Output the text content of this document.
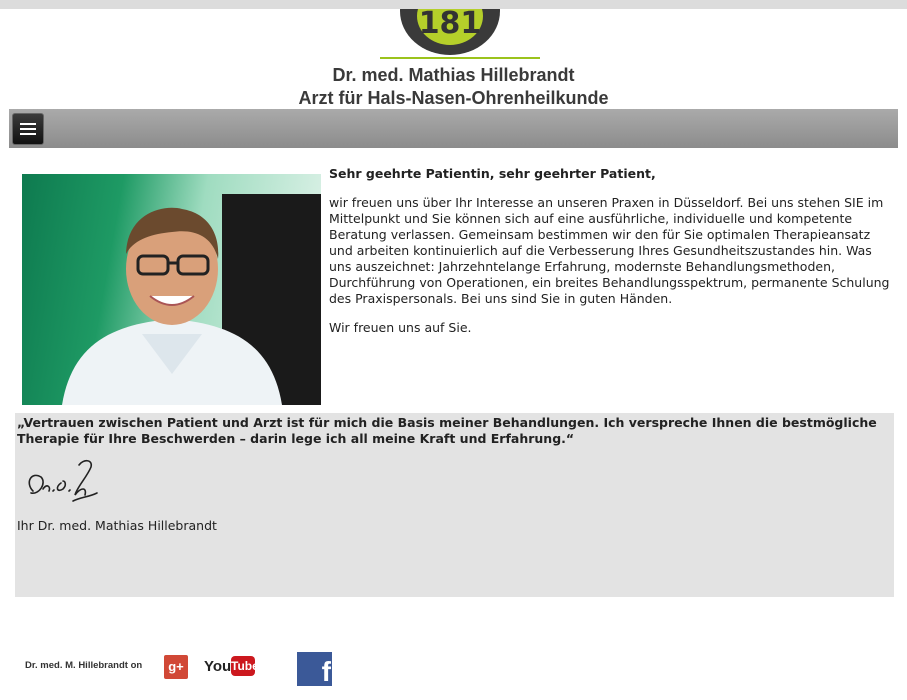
181
Dr. med. Mathias Hillebrandt
Arzt für Hals-Nasen-Ohrenheilkunde

Sehr geehrte Patientin, sehr geehrter Patient,

wir freuen uns über Ihr Interesse an unseren Praxen in Düsseldorf. Bei uns stehen SIE im Mittelpunkt und Sie können sich auf eine ausführliche, individuelle und kompetente Beratung verlassen. Gemeinsam bestimmen wir den für Sie optimalen Therapieansatz und arbeiten kontinuierlich auf die Verbesserung Ihres Gesundheitszustandes hin. Was uns auszeichnet: Jahrzehntelange Erfahrung, modernste Behandlungsmethoden, Durchführung von Operationen, ein breites Behandlungsspektrum, permanente Schulung des Praxispersonals. Bei uns sind Sie in guten Händen.

Wir freuen uns auf Sie.

„Vertrauen zwischen Patient und Arzt ist für mich die Basis meiner Behandlungen. Ich verspreche Ihnen die bestmögliche Therapie für Ihre Beschwerden – darin lege ich all meine Kraft und Erfahrung.“
Ihr Dr. med. Mathias Hillebrandt
Dr. med. M. Hillebrandt on	g+ You Tube	f
